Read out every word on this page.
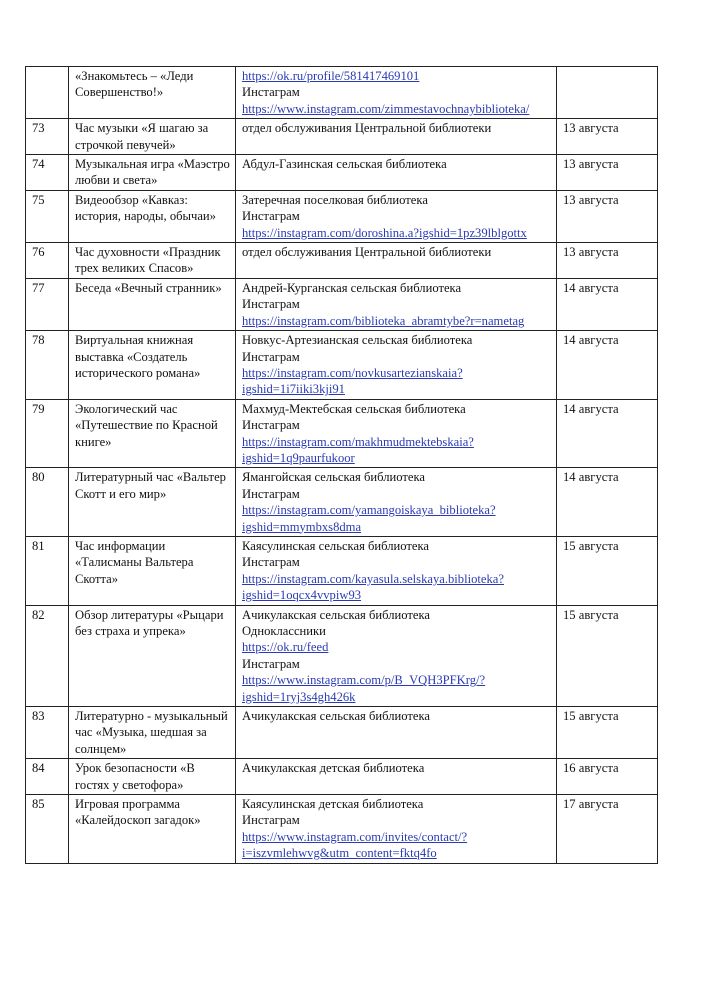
	«Знакомьтесь – «Леди Совершенство!»	https://ok.ru/profile/581417469101
Инстаграм
https://www.instagram.com/zimmestavochnaybiblioteka/	

73	Час музыки «Я шагаю за строчкой певучей»	отдел обслуживания Центральной библиотеки	13 августа
74	Музыкальная игра «Маэстро любви и света»	Абдул-Газинская сельская библиотека	13 августа
75	Видеообзор «Кавказ: история, народы, обычаи»	Затеречная поселковая библиотека
Инстаграм
https://instagram.com/doroshina.a?igshid=1pz39lblgottx	13 августа
76	Час духовности «Праздник трех великих Спасов»	отдел обслуживания Центральной библиотеки	13 августа
77	Беседа «Вечный странник»	Андрей-Курганская сельская библиотека
Инстаграм
https://instagram.com/biblioteka_abramtybe?r=nametag	14 августа
78	Виртуальная книжная выставка «Создатель исторического романа»	Новкус-Артезианская сельская библиотека
Инстаграм
https://instagram.com/novkusartezianskaia?igshid=1i7iiki3kji91	14 августа
79	Экологический час «Путешествие по Красной книге»	Махмуд-Мектебская сельская библиотека
Инстаграм
https://instagram.com/makhmudmektebskaia?igshid=1q9paurfukoor	14 августа
80	Литературный час «Вальтер Скотт и его мир»	Ямангойская сельская библиотека
Инстаграм
https://instagram.com/yamangoiskaya_biblioteka?igshid=mmymbxs8dma	14 августа
81	Час информации «Талисманы Вальтера Скотта»	Каясулинская сельская библиотека
Инстаграм
https://instagram.com/kayasula.selskaya.biblioteka?igshid=1oqcx4vvpiw93	15 августа
82	Обзор литературы «Рыцари без страха и упрека»	Ачикулакская сельская библиотека
Одноклассники
https://ok.ru/feed
Инстаграм
https://www.instagram.com/p/B_VQH3PFKrg/?igshid=1ryj3s4gh426k	15 августа
83	Литературно - музыкальный час «Музыка, шедшая за солнцем»	Ачикулакская сельская библиотека	15 августа
84	Урок безопасности «В гостях у светофора»	Ачикулакская детская библиотека	16 августа
85	Игровая программа «Калейдоскоп загадок»	Каясулинская детская библиотека
Инстаграм
https://www.instagram.com/invites/contact/?i=iszvmlehwvg&utm_content=fktq4fo	17 августа
